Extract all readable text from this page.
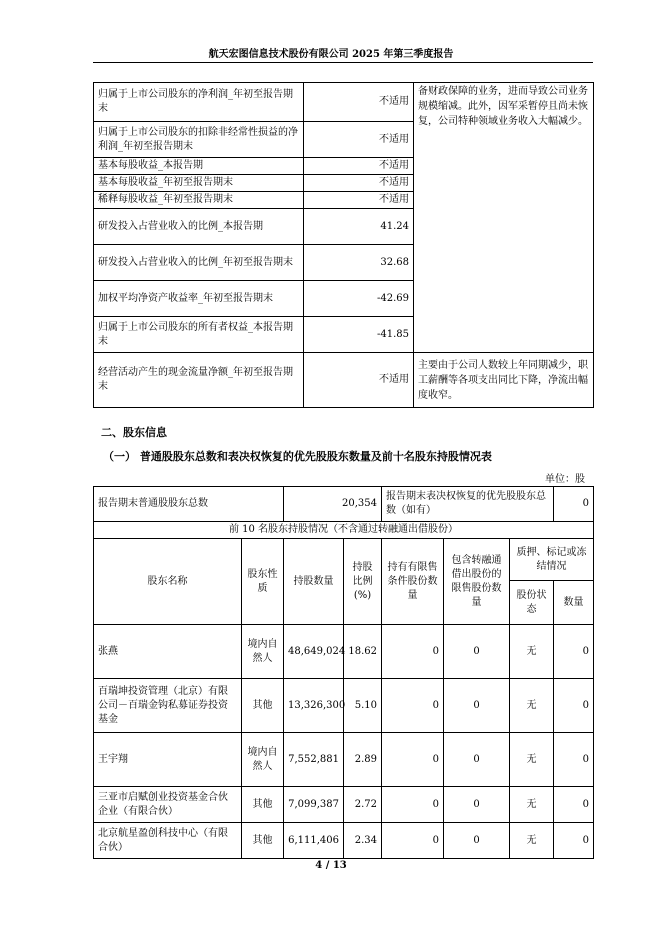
航天宏图信息技术股份有限公司 2025 年第三季度报告
归属于上市公司股东的净利润_年初至报告期末	不适用	备财政保障的业务，进而导致公司业务规模缩减。此外，因军采暂停且尚未恢复，公司特种领域业务收入大幅减少。
归属于上市公司股东的扣除非经常性损益的净利润_年初至报告期末	不适用	
基本每股收益_本报告期	不适用	
基本每股收益_年初至报告期末	不适用	
稀释每股收益_年初至报告期末	不适用	
研发投入占营业收入的比例_本报告期	41.24	
研发投入占营业收入的比例_年初至报告期末	32.68	
加权平均净资产收益率_年初至报告期末	-42.69	
归属于上市公司股东的所有者权益_本报告期末	-41.85	
经营活动产生的现金流量净额_年初至报告期末	不适用	主要由于公司人数较上年同期减少，职工薪酬等各项支出同比下降，净流出幅度收窄。
二、股东信息
（一） 普通股股东总数和表决权恢复的优先股股东数量及前十名股东持股情况表
单位：股
报告期末普通股股东总数		20,354		报告期末表决权恢复的优先股股东总数（如有）			0
前 10 名股东持股情况（不含通过转融通出借股份）							
股东名称	股东性质	持股数量	持股比例(%)	持有有限售条件股份数量	包含转融通借出股份的限售股份数量	质押、标记或冻结情况	
						股份状态	数量
张燕	境内自然人	48,649,024	18.62	0	0	无	0
百瑞坤投资管理（北京）有限公司－百瑞金钩私募证券投资基金	其他	13,326,300	5.10	0	0	无	0
王宇翔	境内自然人	7,552,881	2.89	0	0	无	0
三亚市启赋创业投资基金合伙企业（有限合伙）	其他	7,099,387	2.72	0	0	无	0
北京航星盈创科技中心（有限合伙）	其他	6,111,406	2.34	0	0	无	0
4 / 13
